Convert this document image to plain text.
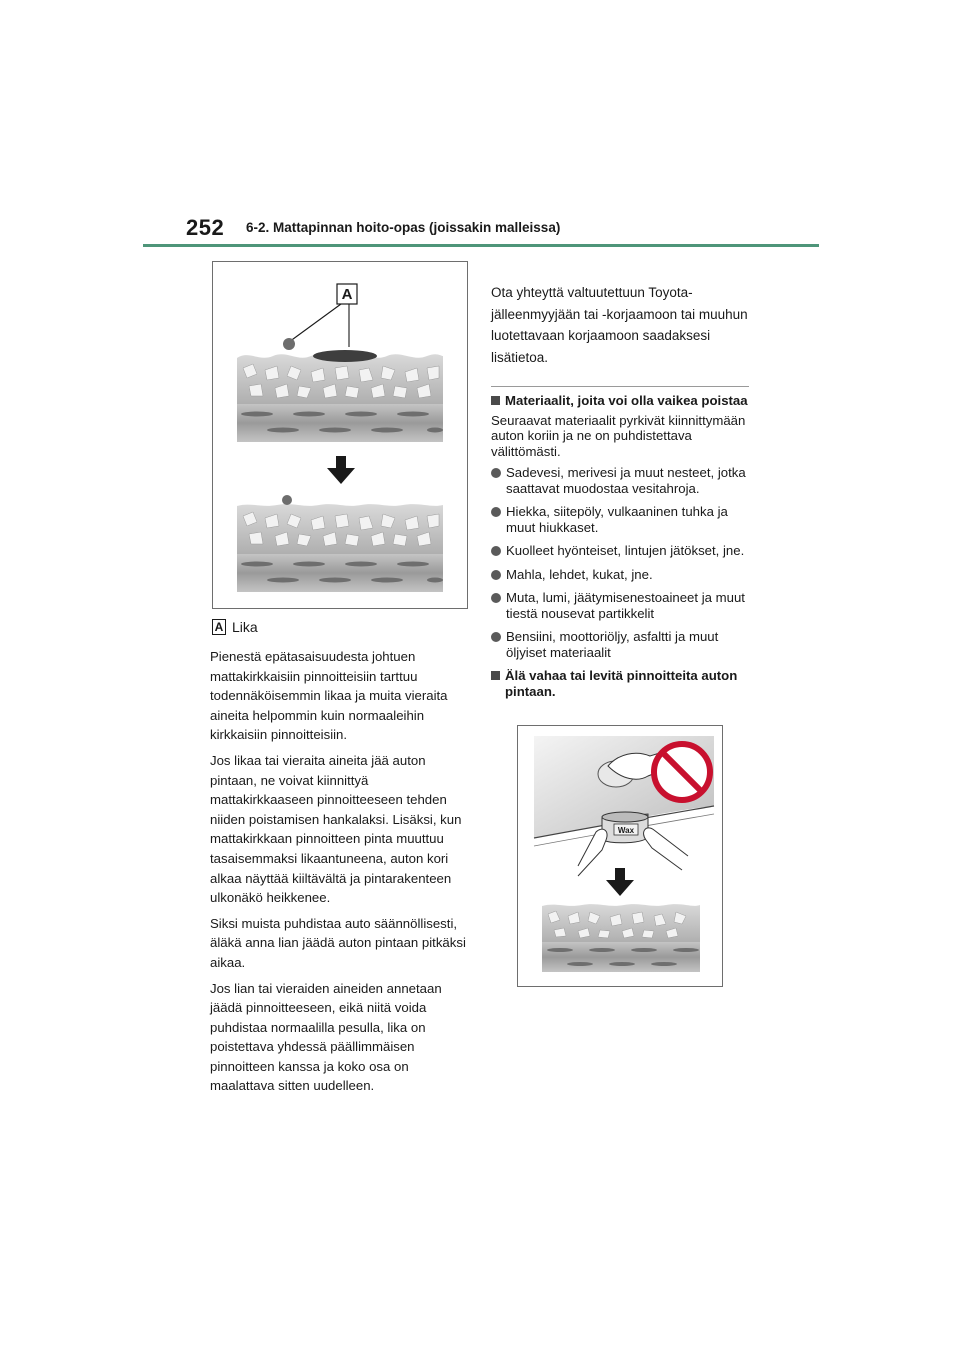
252 6-2. Mattapinnan hoito-opas (joissakin malleissa)
A
A Lika

Pienestä epätasaisuudesta johtuen mattakirkkaisiin pinnoitteisiin tarttuu todennäköisemmin likaa ja muita vieraita aineita helpommin kuin normaaleihin kirkkaisiin pinnoitteisiin.

Jos likaa tai vieraita aineita jää auton pintaan, ne voivat kiinnittyä mattakirkkaaseen pinnoitteeseen tehden niiden poistamisen hankalaksi. Lisäksi, kun mattakirkkaan pinnoitteen pinta muuttuu tasaisemmaksi likaantuneena, auton kori alkaa näyttää kiiltävältä ja pintarakenteen ulkonäkö heikkenee.

Siksi muista puhdistaa auto säännöllisesti, äläkä anna lian jäädä auton pintaan pitkäksi aikaa.

Jos lian tai vieraiden aineiden annetaan jäädä pinnoitteeseen, eikä niitä voida puhdistaa normaalilla pesulla, lika on poistettava yhdessä päällimmäisen pinnoitteen kanssa ja koko osa on maalattava sitten uudelleen.

Ota yhteyttä valtuutettuun Toyota-jälleenmyyjään tai -korjaamoon tai muuhun luotettavaan korjaamoon saadaksesi lisätietoa.

Materiaalit, joita voi olla vaikea poistaa

Seuraavat materiaalit pyrkivät kiinnittymään auton koriin ja ne on puhdistettava välittömästi.

Sadevesi, merivesi ja muut nesteet, jotka saattavat muodostaa vesitahroja.
Hiekka, siitepöly, vulkaaninen tuhka ja muut hiukkaset.
Kuolleet hyönteiset, lintujen jätökset, jne.
Mahla, lehdet, kukat, jne.
Muta, lumi, jäätymisenestoaineet ja muut tiestä nousevat partikkelit
Bensiini, moottoriöljy, asfaltti ja muut öljyiset materiaalit
Älä vahaa tai levitä pinnoitteita auton pintaan.
Wax
